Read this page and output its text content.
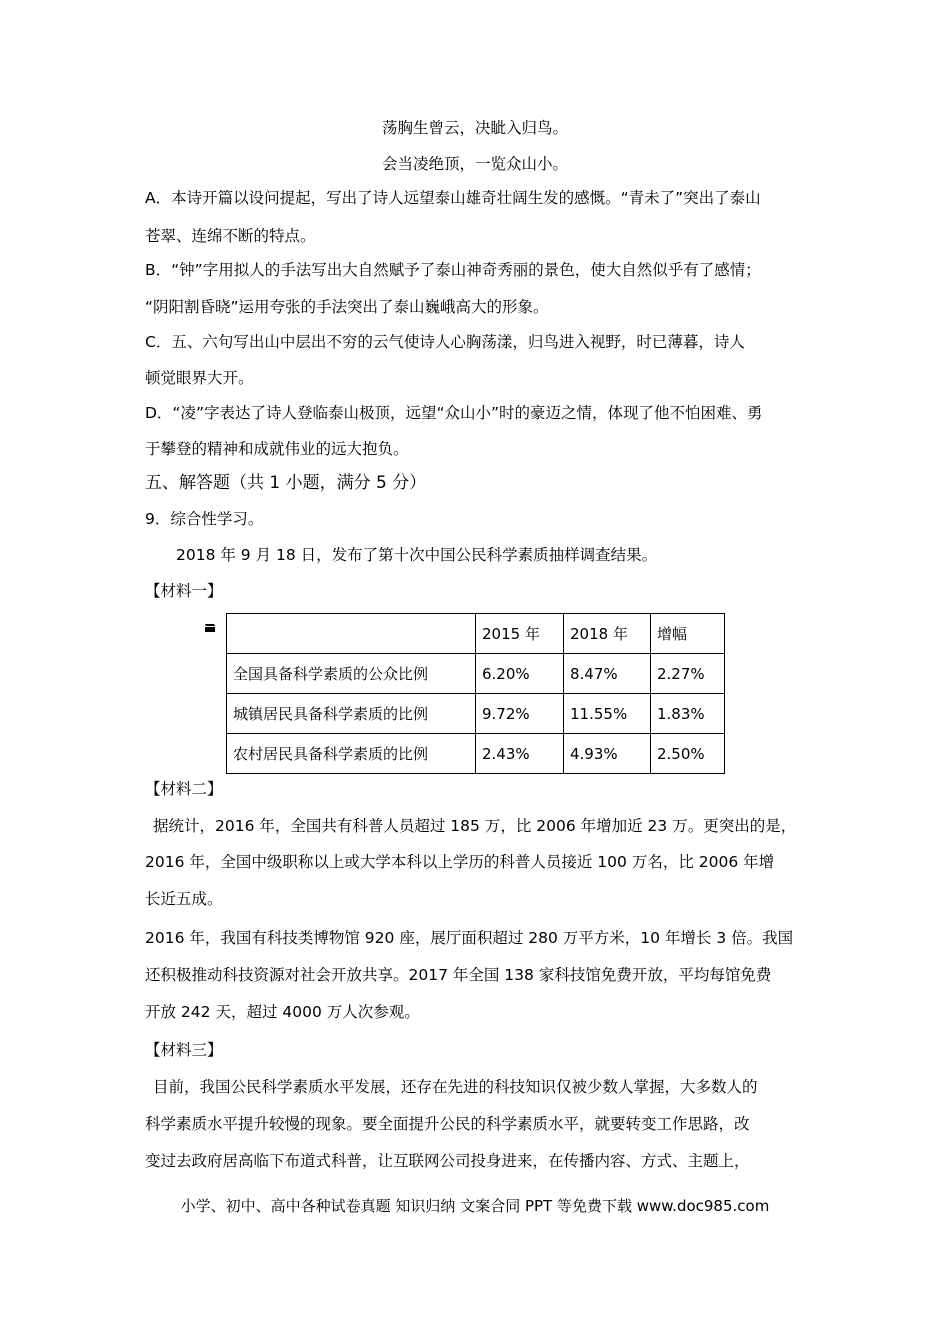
荡胸生曾云，决眦入归鸟。
会当凌绝顶，一览众山小。
A．本诗开篇以设问提起，写出了诗人远望泰山雄奇壮阔生发的感慨。“青未了”突出了泰山
苍翠、连绵不断的特点。
B．“钟”字用拟人的手法写出大自然赋予了泰山神奇秀丽的景色，使大自然似乎有了感情；
“阴阳割昏晓”运用夸张的手法突出了泰山巍峨高大的形象。
C．五、六句写出山中层出不穷的云气使诗人心胸荡漾，归鸟进入视野，时已薄暮，诗人
顿觉眼界大开。
D．“凌”字表达了诗人登临泰山极顶，远望“众山小”时的豪迈之情，体现了他不怕困难、勇
于攀登的精神和成就伟业的远大抱负。
五、解答题（共 1 小题，满分 5 分）
9．综合性学习。
2018 年 9 月 18 日，发布了第十次中国公民科学素质抽样调查结果。
【材料一】
	2015 年	2018 年	增幅
全国具备科学素质的公众比例	6.20%	8.47%	2.27%
城镇居民具备科学素质的比例	9.72%	11.55%	1.83%
农村居民具备科学素质的比例	2.43%	4.93%	2.50%
【材料二】
据统计，2016 年，全国共有科普人员超过 185 万，比 2006 年增加近 23 万。更突出的是，
2016 年，全国中级职称以上或大学本科以上学历的科普人员接近 100 万名，比 2006 年增
长近五成。
2016 年，我国有科技类博物馆 920 座，展厅面积超过 280 万平方米，10 年增长 3 倍。我国
还积极推动科技资源对社会开放共享。2017 年全国 138 家科技馆免费开放，平均每馆免费
开放 242 天，超过 4000 万人次参观。
【材料三】
目前，我国公民科学素质水平发展，还存在先进的科技知识仅被少数人掌握，大多数人的
科学素质水平提升较慢的现象。要全面提升公民的科学素质水平，就要转变工作思路，改
变过去政府居高临下布道式科普，让互联网公司投身进来，在传播内容、方式、主题上，
小学、初中、高中各种试卷真题 知识归纳 文案合同 PPT 等免费下载 www.doc985.com
